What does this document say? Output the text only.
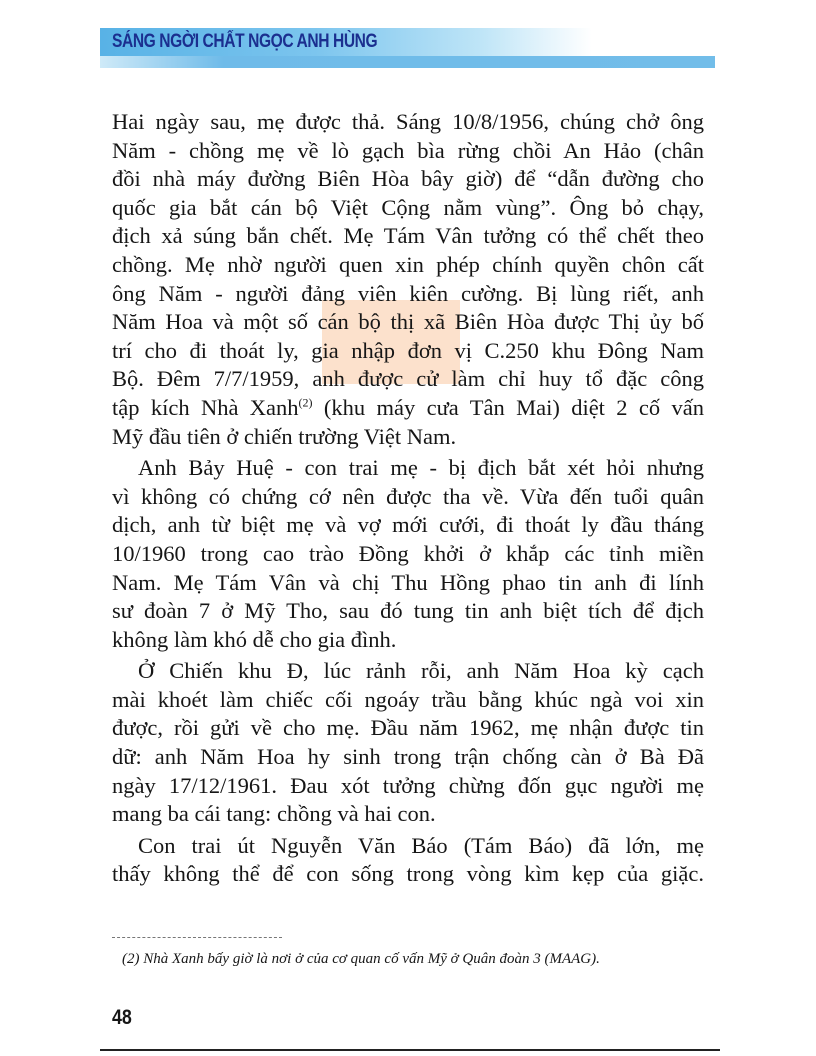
SÁNG NGỜI CHẤT NGỌC ANH HÙNG
Hai ngày sau, mẹ được thả. Sáng 10/8/1956, chúng chở ông
Năm - chồng mẹ về lò gạch bìa rừng chồi An Hảo (chân
đồi nhà máy đường Biên Hòa bây giờ) để “dẫn đường cho
quốc gia bắt cán bộ Việt Cộng nằm vùng”. Ông bỏ chạy,
địch xả súng bắn chết. Mẹ Tám Vân tưởng có thể chết theo
chồng. Mẹ nhờ người quen xin phép chính quyền chôn cất
ông Năm - người đảng viên kiên cường. Bị lùng riết, anh
Năm Hoa và một số cán bộ thị xã Biên Hòa được Thị ủy bố
trí cho đi thoát ly, gia nhập đơn vị C.250 khu Đông Nam
Bộ. Đêm 7/7/1959, anh được cử làm chỉ huy tổ đặc công
tập kích Nhà Xanh$^{(2)}$ (khu máy cưa Tân Mai) diệt 2 cố vấn
Mỹ đầu tiên ở chiến trường Việt Nam.
Anh Bảy Huệ - con trai mẹ - bị địch bắt xét hỏi nhưng
vì không có chứng cớ nên được tha về. Vừa đến tuổi quân
dịch, anh từ biệt mẹ và vợ mới cưới, đi thoát ly đầu tháng
10/1960 trong cao trào Đồng khởi ở khắp các tỉnh miền
Nam. Mẹ Tám Vân và chị Thu Hồng phao tin anh đi lính
sư đoàn 7 ở Mỹ Tho, sau đó tung tin anh biệt tích để địch
không làm khó dễ cho gia đình.
Ở Chiến khu Đ, lúc rảnh rỗi, anh Năm Hoa kỳ cạch
mài khoét làm chiếc cối ngoáy trầu bằng khúc ngà voi xin
được, rồi gửi về cho mẹ. Đầu năm 1962, mẹ nhận được tin
dữ: anh Năm Hoa hy sinh trong trận chống càn ở Bà Đã
ngày 17/12/1961. Đau xót tưởng chừng đốn gục người mẹ
mang ba cái tang: chồng và hai con.
Con trai út Nguyễn Văn Báo (Tám Báo) đã lớn, mẹ
thấy không thể để con sống trong vòng kìm kẹp của giặc.
(2) Nhà Xanh bấy giờ là nơi ở của cơ quan cố vấn Mỹ ở Quân đoàn 3 (MAAG).
48
